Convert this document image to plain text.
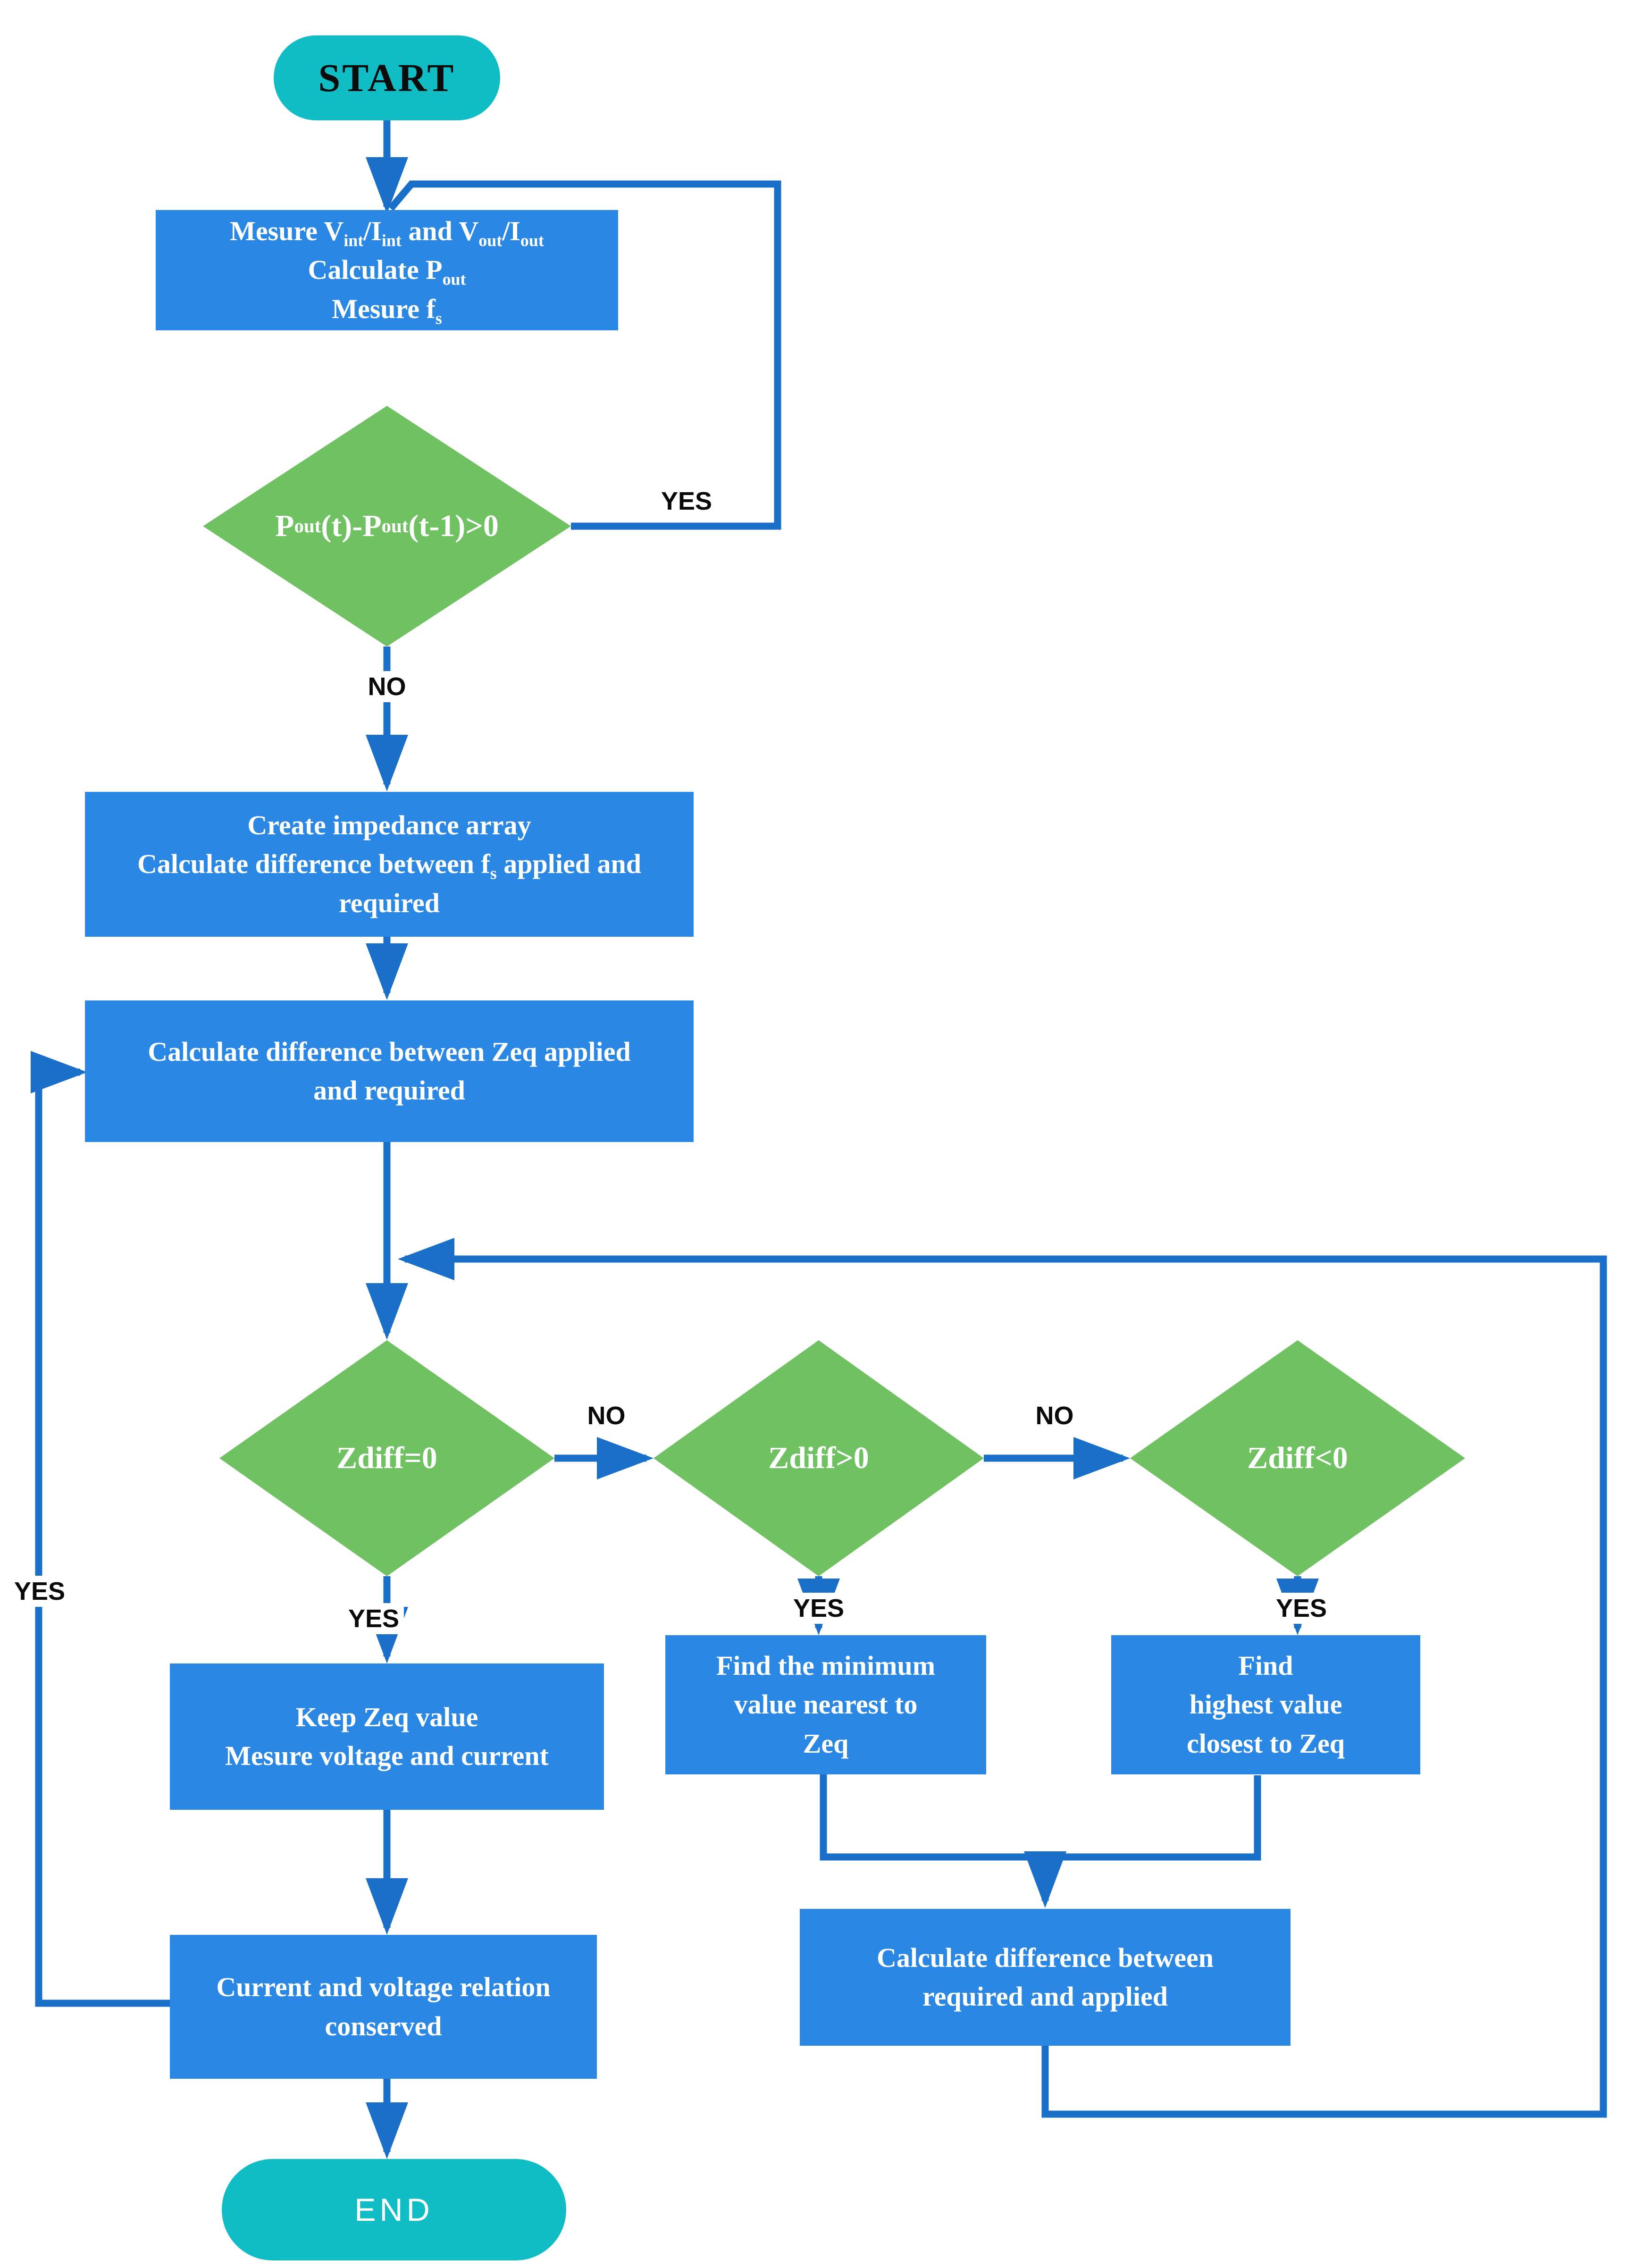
START
Mesure $V_{int}/I_{int}$ and $V_{out}/I_{out}$
Calculate $P_{out}$
Mesure $f_s$
P out (t)-P out (t-1)>0
Create impedance array
Calculate difference between $f_s$ applied and
required
Calculate difference between Zeq applied
and required
Zdiff=0	Zdiff>0	Zdiff<0
Keep Zeq value
Mesure voltage and current
Find the minimum
value nearest to
Zeq
Find
highest value
closest to Zeq
Current and voltage relation
conserved
Calculate difference between
required and applied
END
YES
NO
NO	NO
YES	YES	YES
YES
